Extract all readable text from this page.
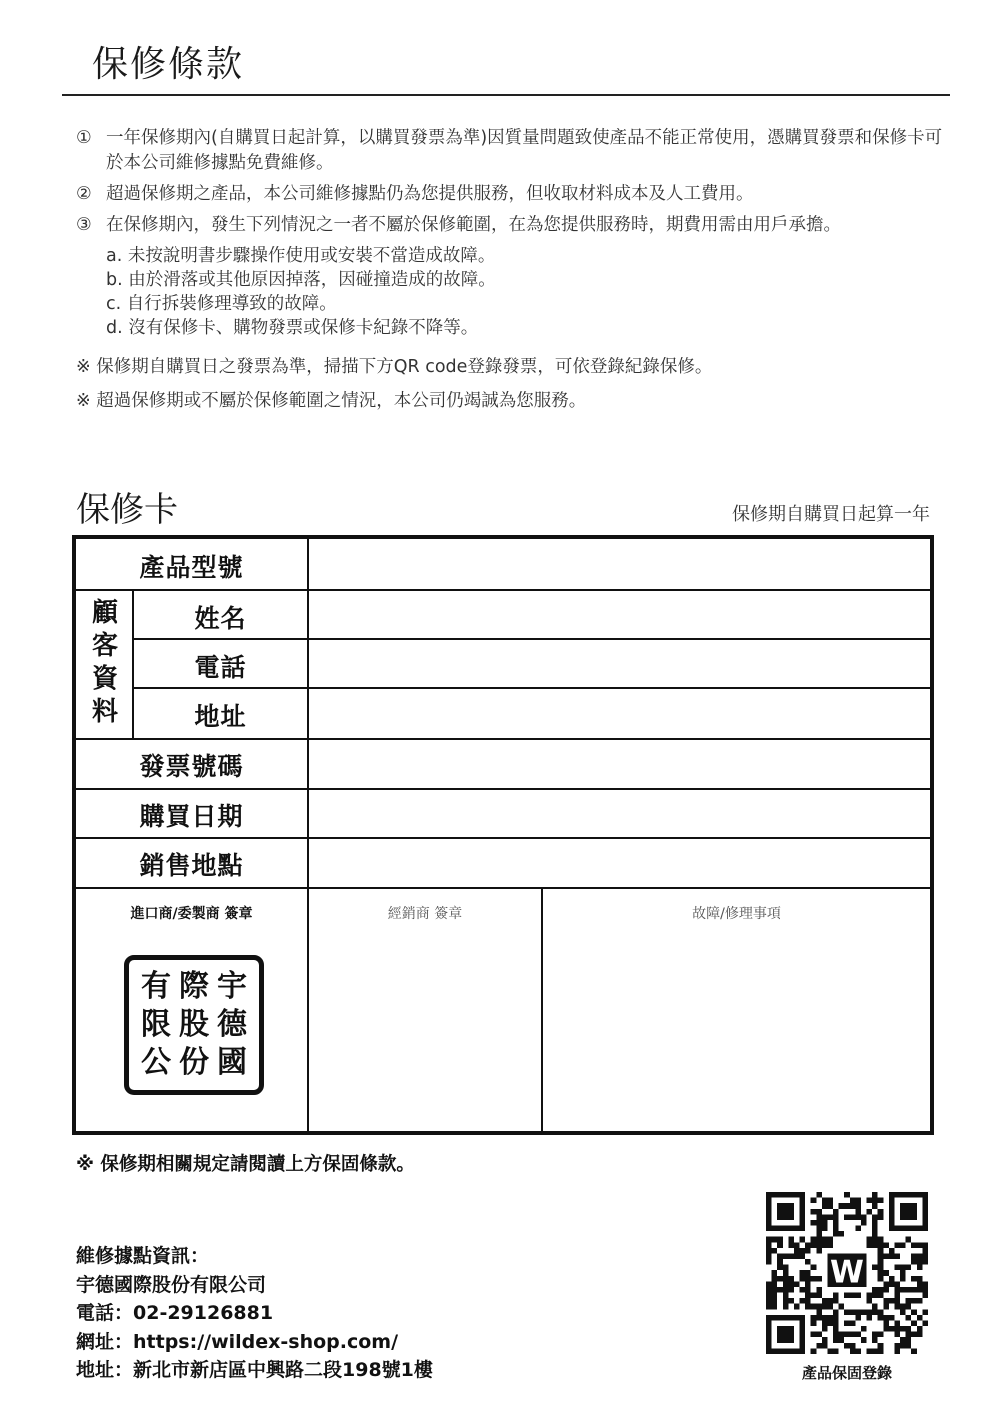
保修條款
① 一年保修期內(自購買日起計算，以購買發票為準)因質量問題致使產品不能正常使用，憑購買發票和保修卡可於本公司維修據點免費維修。
② 超過保修期之產品，本公司維修據點仍為您提供服務，但收取材料成本及人工費用。
③ 在保修期內，發生下列情況之一者不屬於保修範圍，在為您提供服務時，期費用需由用戶承擔。
a. 未按說明書步驟操作使用或安裝不當造成故障。
b. 由於滑落或其他原因掉落，因碰撞造成的故障。
c. 自行拆裝修理導致的故障。
d. 沒有保修卡、購物發票或保修卡紀錄不降等。
※ 保修期自購買日之發票為準，掃描下方QR code登錄發票，可依登錄紀錄保修。
※ 超過保修期或不屬於保修範圍之情況，本公司仍竭誠為您服務。
保修卡	保修期自購買日起算一年
產品型號
顧
客
資
料
姓名
電話
地址
發票號碼
購買日期
銷售地點
進口商/委製商 簽章
有 際 宇
限 股 德
公 份 國
經銷商 簽章	故障/修理事項
※ 保修期相關規定請閱讀上方保固條款。
維修據點資訊：
宇德國際股份有限公司
電話：02-29126881
網址：https://wildex-shop.com/
地址：新北市新店區中興路二段198號1樓
W
產品保固登錄
